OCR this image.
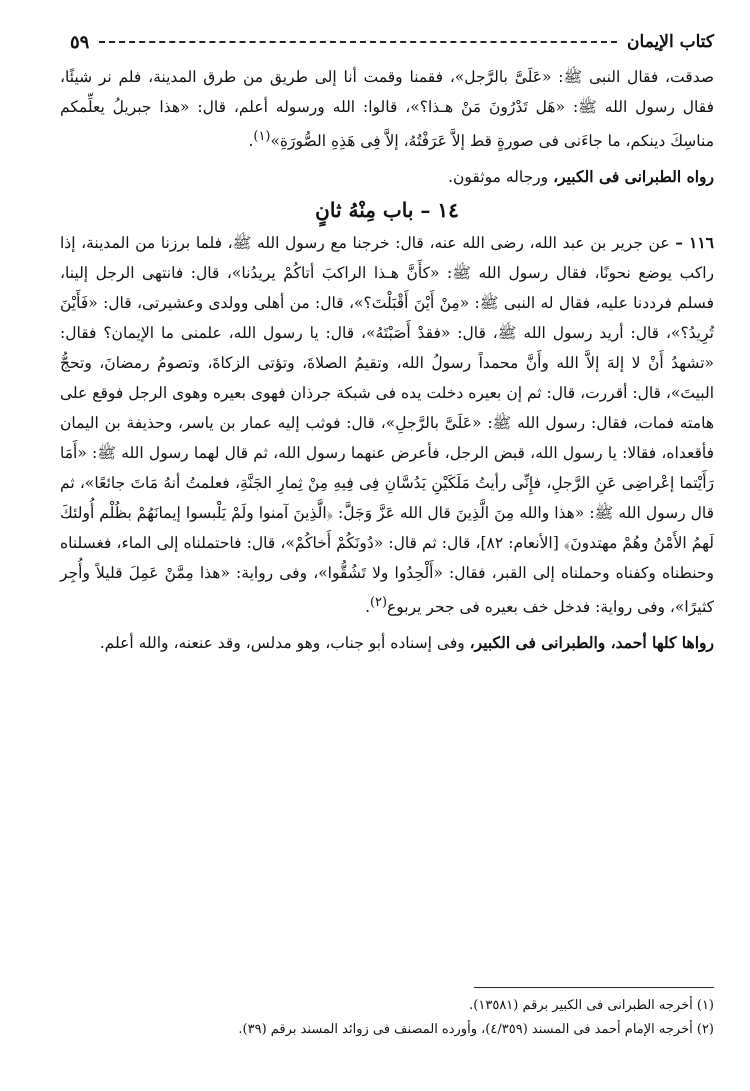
كتاب الإيمان
٥٩

صدقت، فقال النبى ﷺ: «عَلَىَّ بالرَّجل»، فقمنا وقمت أنا إلى طريق من طرق المدينة، فلم نر شيئًا، فقال رسول الله ﷺ: «هَل تَدْرُونَ مَنْ هـذا؟»، قالوا: الله ورسوله أعلم، قال: «هذا جبريلُ يعلِّمكم مناسِكَ دينكم، ما جاءَنى فى صورةٍ قط إلاَّ عَرَفْتُهُ، إلاَّ فِى هَذِهِ الصُّورَةِ»$^{(١)}$.

رواه الطبرانى فى الكبير، ورجاله موثقون.

١٤ – باب مِنْهُ ثانٍ

١١٦ – عن جرير بن عبد الله، رضى الله عنه، قال: خرجنا مع رسول الله ﷺ، فلما برزنا من المدينة، إذا راكب يوضع نحونًا، فقال رسول الله ﷺ: «كأَنَّ هـذا الراكبَ أتاكُمْ يريدُنا»، قال: فانتهى الرجل إلينا، فسلم فرددنا عليه، فقال له النبى ﷺ: «مِنْ أَيْنَ أَقْبَلْتَ؟»، قال: من أهلى وولدى وعشيرتى، قال: «فَأَيْنَ تُرِيدُ؟»، قال: أريد رسول الله ﷺ، قال: «فقدْ أَصَبْتَهُ»، قال: يا رسول الله، علمنى ما الإيمان؟ فقال: «تشهدُ أَنْ لا إلهَ إلاَّ الله وأَنَّ محمداً رسولُ الله، وتقيمُ الصلاةَ، وتؤتى الزكاةَ، وتصومُ رمضانَ، وتحجُّ البيتَ»، قال: أقررت، قال: ثم إن بعيره دخلت يده فى شبكة جرذان فهوى بعيره وهوى الرجل فوقع على هامته فمات، فقال: رسول الله ﷺ: «عَلَىَّ بالرَّجلِ»، قال: فوثب إليه عمار بن ياسر، وحذيفة بن اليمان فأقعداه، فقالا: يا رسول الله، قبض الرجل، فأعرض عنهما رسول الله، ثم قال لهما رسول الله ﷺ: «أَمَا رَأَيْتما إعْراضِى عَنِ الرَّجلِ، فإِنِّى رأيتُ مَلَكَيْنِ يَدُسَّانِ فِى فِيهِ مِنْ ثِمارِ الجَنَّةِ، فعلمتُ أنهُ مَاتَ جائعًا»، ثم قال رسول الله ﷺ: «هذا والله مِنَ الَّذِينَ قال الله عَزَّ وَجَلَّ: ﴿الَّذِينَ آمنوا ولَمْ يَلْبسوا إيمانَهُمْ بظُلْم أُولئكَ لَهمُ الأَمْنُ وهُمْ مهتدونَ﴾ [الأنعام: ٨٢]، قال: ثم قال: «دُونَكُمْ أَخاكُمْ»، قال: فاحتملناه إلى الماء، فغسلناه وحنطناه وكفناه وحملناه إلى القبر، فقال: «أَلْحِدُوا ولا تَشُقُّوا»، وفى رواية: «هذا مِمَّنْ عَمِلَ قليلاً وأُجِر كثيرًا»، وفى رواية: فدخل خف بعيره فى جحر يربوع$^{(٢)}$.

رواها كلها أحمد، والطبرانى فى الكبير، وفى إسناده أبو جناب، وهو مدلس، وقد عنعنه، والله أعلم.

(١) أخرجه الطبرانى فى الكبير برقم (١٣٥٨١).

(٢) أخرجه الإمام أحمد فى المسند (٤/٣٥٩)، وأورده المصنف فى زوائد المسند برقم (٣٩).
